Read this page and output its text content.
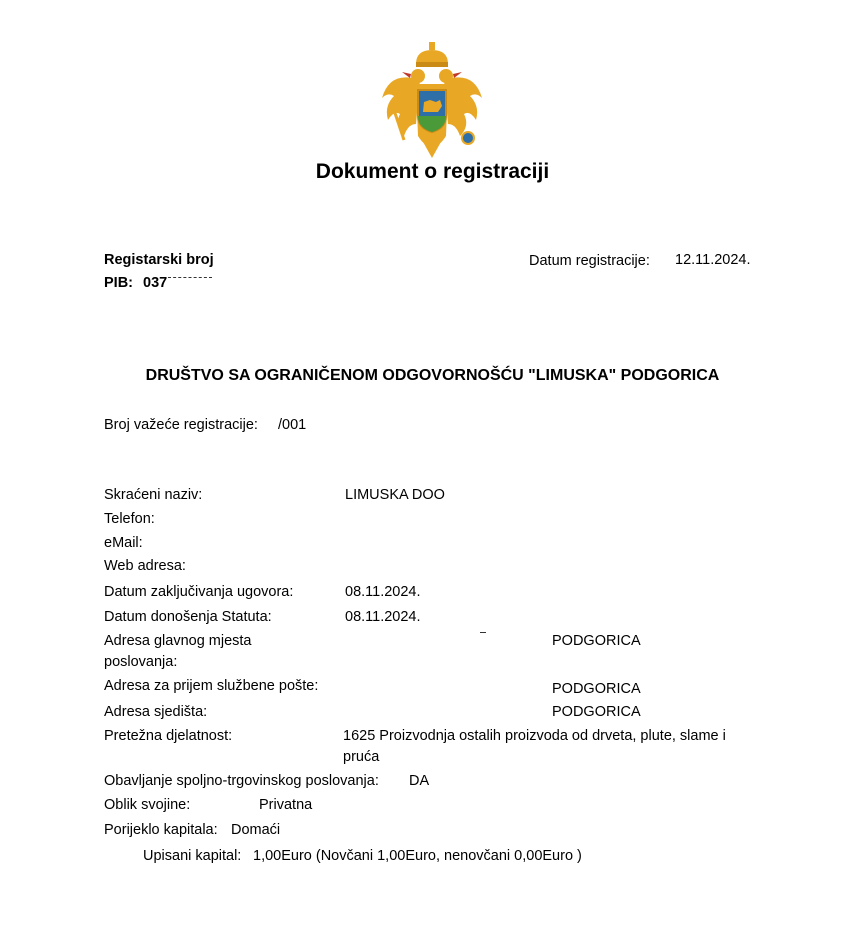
Dokument o registraciji
Registarski broj
PIB: 037
Datum registracije: 12.11.2024.
DRUŠTVO SA OGRANIČENOM ODGOVORNOŠĆU "LIMUSKA" PODGORICA
Broj važeće registracije: /001
Skraćeni naziv:	LIMUSKA DOO
Telefon:
eMail:
Web adresa:
Datum zaključivanja ugovora:	08.11.2024.
Datum donošenja Statuta:	08.11.2024.
Adresa glavnog mjesta
poslovanja:
PODGORICA
Adresa za prijem službene pošte:	PODGORICA
Adresa sjedišta:	PODGORICA
Pretežna djelatnost:	1625 Proizvodnja ostalih proizvoda od drveta, plute, slame i
pruća
Obavljanje spoljno-trgovinskog poslovanja: DA
Oblik svojine:	Privatna
Porijeklo kapitala: Domaći
Upisani kapital: 1,00Euro (Novčani 1,00Euro, nenovčani 0,00Euro )
